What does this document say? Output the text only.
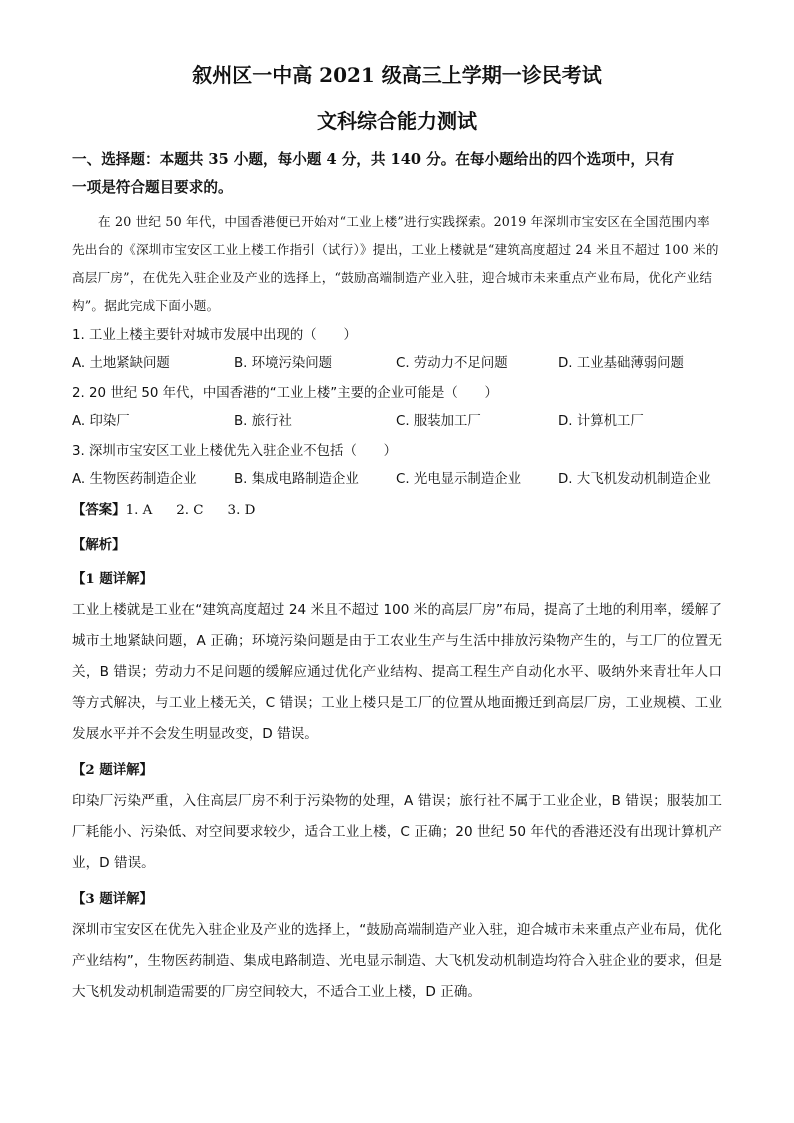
叙州区一中高 2021 级高三上学期一诊民考试
文科综合能力测试
一、选择题：本题共 35 小题，每小题 4 分，共 140 分。在每小题给出的四个选项中，只有
一项是符合题目要求的。
在 20 世纪 50 年代，中国香港便已开始对“工业上楼”进行实践探索。2019 年深圳市宝安区在全国范围内率先出台的《深圳市宝安区工业上楼工作指引（试行）》提出，工业上楼就是“建筑高度超过 24 米且不超过 100 米的高层厂房”，在优先入驻企业及产业的选择上，“鼓励高端制造产业入驻，迎合城市未来重点产业布局，优化产业结构”。据此完成下面小题。
1. 工业上楼主要针对城市发展中出现的（　　）
A. 土地紧缺问题	B. 环境污染问题	C. 劳动力不足问题	D. 工业基础薄弱问题
2. 20 世纪 50 年代，中国香港的“工业上楼”主要的企业可能是（　　）
A. 印染厂	B. 旅行社	C. 服装加工厂	D. 计算机工厂
3. 深圳市宝安区工业上楼优先入驻企业不包括（　　）
A. 生物医药制造企业	B. 集成电路制造企业	C. 光电显示制造企业	D. 大飞机发动机制造企业
【答案】1. A 2. C 3. D
【解析】
【1 题详解】
工业上楼就是工业在“建筑高度超过 24 米且不超过 100 米的高层厂房”布局，提高了土地的利用率，缓解了城市土地紧缺问题，A 正确；环境污染问题是由于工农业生产与生活中排放污染物产生的，与工厂的位置无关，B 错误；劳动力不足问题的缓解应通过优化产业结构、提高工程生产自动化水平、吸纳外来青壮年人口等方式解决，与工业上楼无关，C 错误；工业上楼只是工厂的位置从地面搬迁到高层厂房，工业规模、工业发展水平并不会发生明显改变，D 错误。
【2 题详解】
印染厂污染严重，入住高层厂房不利于污染物的处理，A 错误；旅行社不属于工业企业，B 错误；服装加工厂耗能小、污染低、对空间要求较少，适合工业上楼，C 正确；20 世纪 50 年代的香港还没有出现计算机产业，D 错误。
【3 题详解】
深圳市宝安区在优先入驻企业及产业的选择上，“鼓励高端制造产业入驻，迎合城市未来重点产业布局，优化产业结构”，生物医药制造、集成电路制造、光电显示制造、大飞机发动机制造均符合入驻企业的要求，但是大飞机发动机制造需要的厂房空间较大，不适合工业上楼，D 正确。
